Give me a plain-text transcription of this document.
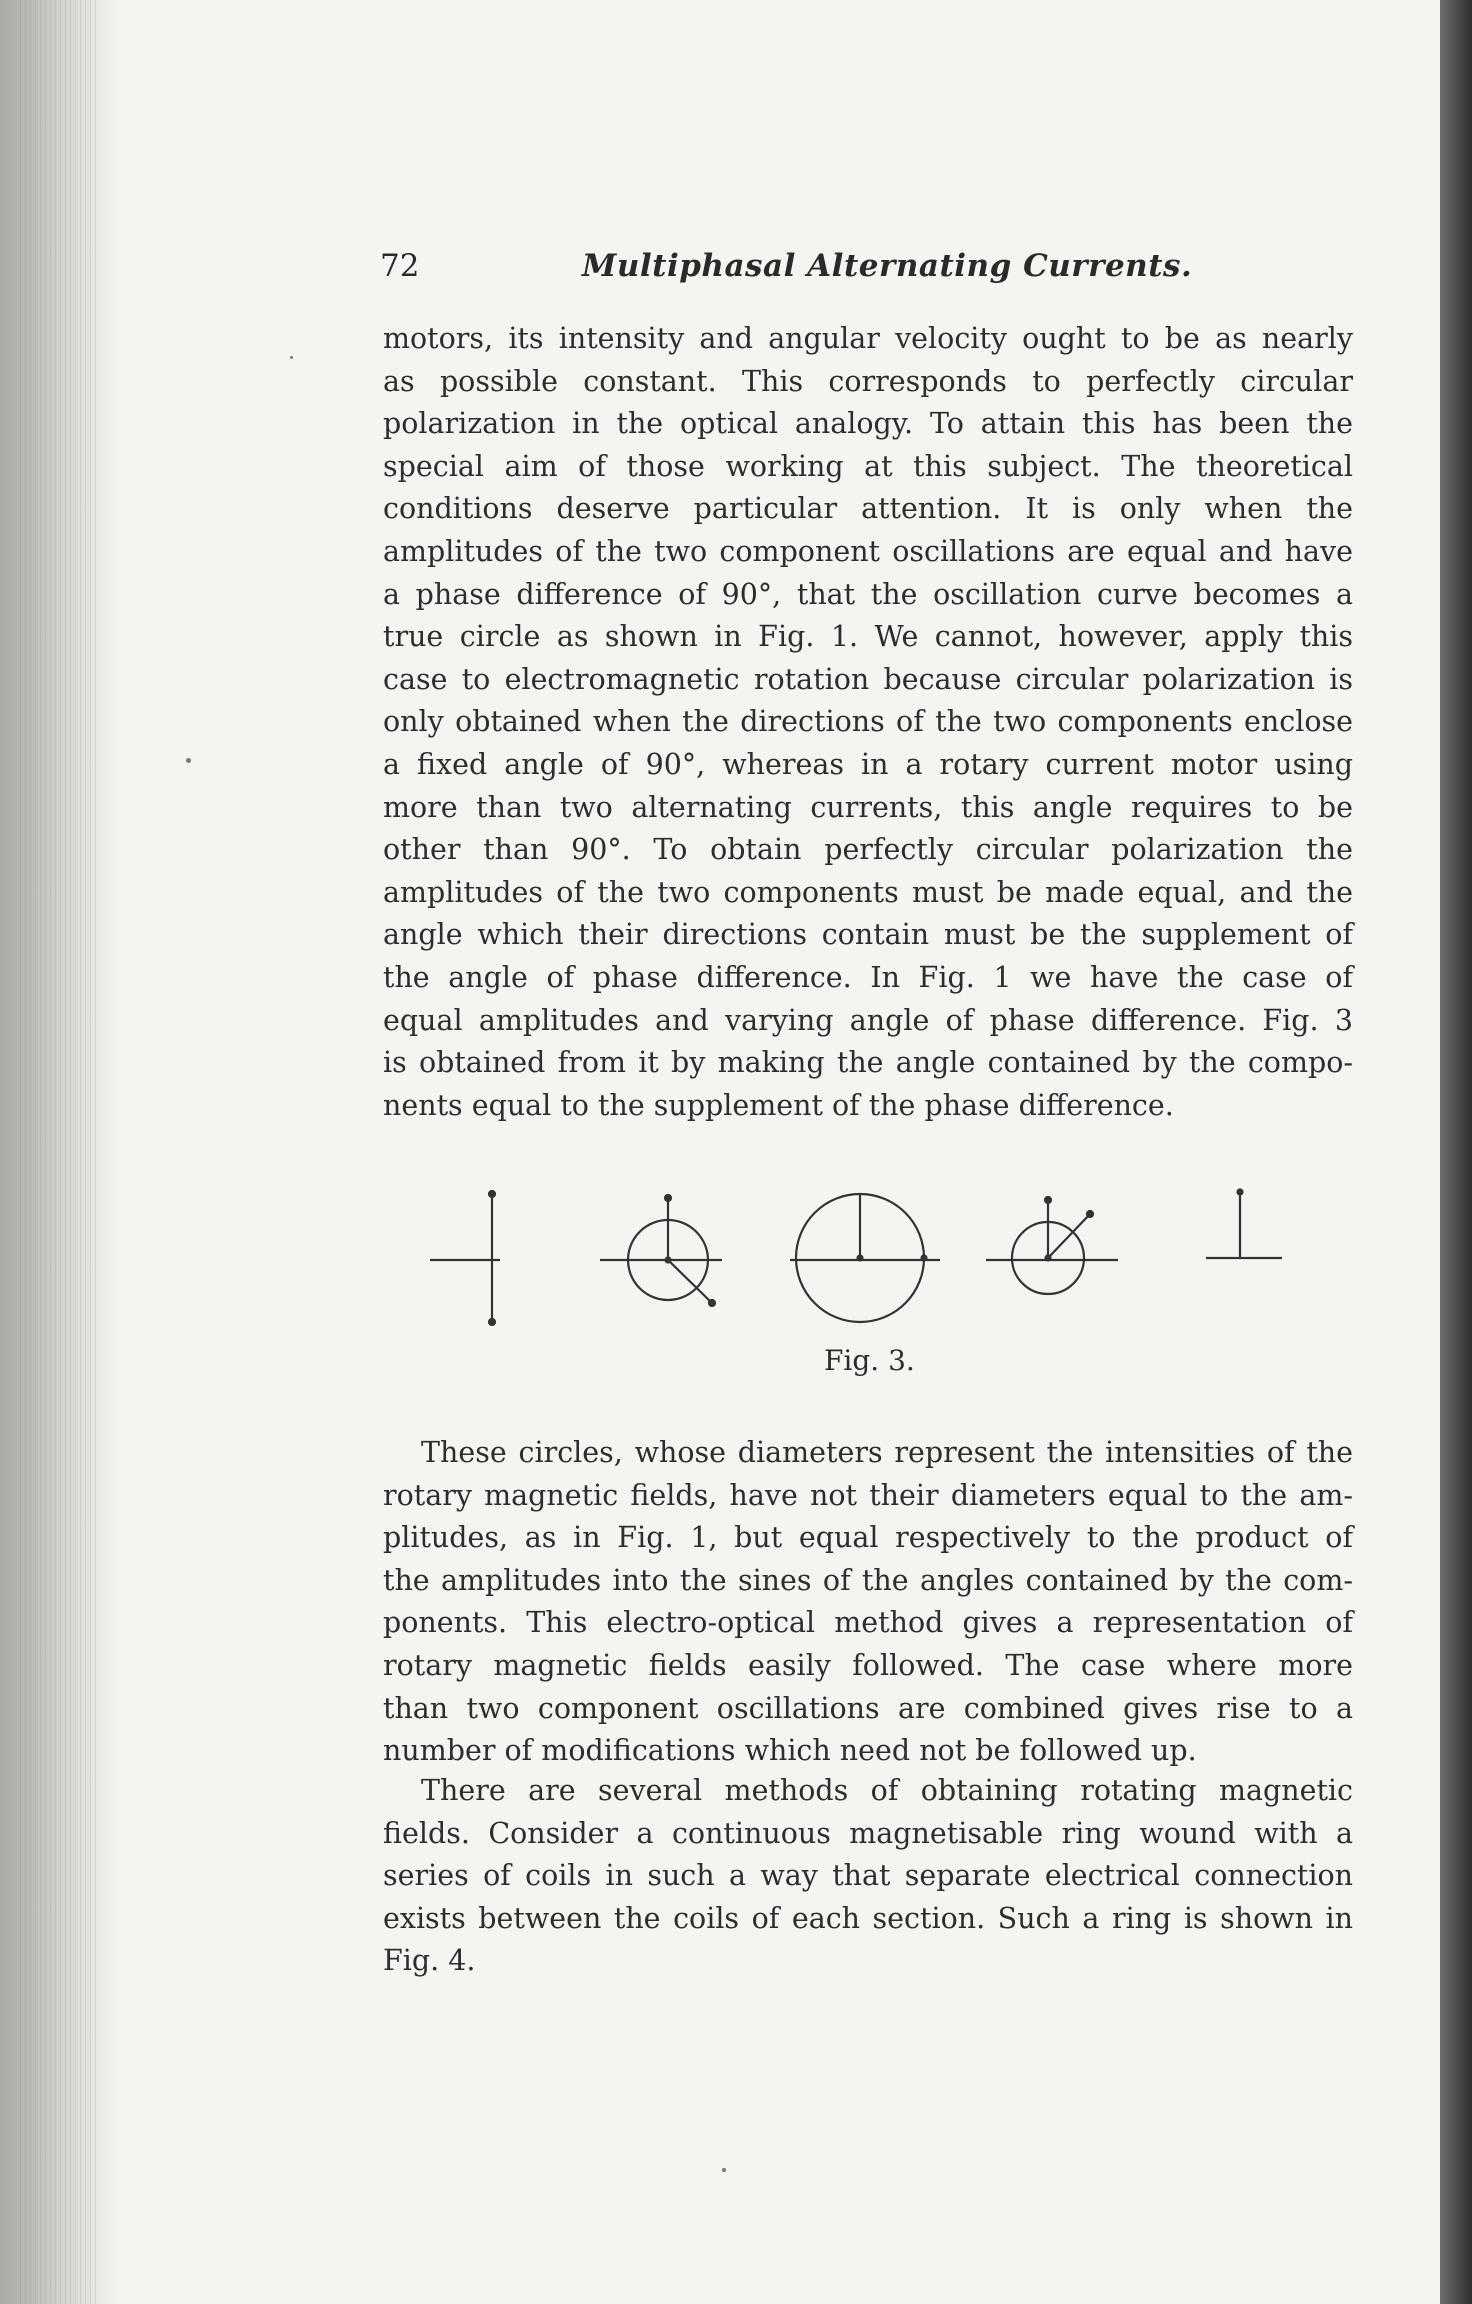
72	Multiphasal Alternating Currents.
motors, its intensity and angular velocity ought to be as nearly
as possible constant. This corresponds to perfectly circular
polarization in the optical analogy. To attain this has been the
special aim of those working at this subject. The theoretical
conditions deserve particular attention. It is only when the
amplitudes of the two component oscillations are equal and have
a phase difference of 90°, that the oscillation curve becomes a
true circle as shown in Fig. 1. We cannot, however, apply this
case to electromagnetic rotation because circular polarization is
only obtained when the directions of the two components enclose
a fixed angle of 90°, whereas in a rotary current motor using
more than two alternating currents, this angle requires to be
other than 90°. To obtain perfectly circular polarization the
amplitudes of the two components must be made equal, and the
angle which their directions contain must be the supplement of
the angle of phase difference. In Fig. 1 we have the case of
equal amplitudes and varying angle of phase difference. Fig. 3
is obtained from it by making the angle contained by the compo-
nents equal to the supplement of the phase difference.
Fig. 3.
These circles, whose diameters represent the intensities of the
rotary magnetic fields, have not their diameters equal to the am-
plitudes, as in Fig. 1, but equal respectively to the product of
the amplitudes into the sines of the angles contained by the com-
ponents. This electro-optical method gives a representation of
rotary magnetic fields easily followed. The case where more
than two component oscillations are combined gives rise to a
number of modifications which need not be followed up.
There are several methods of obtaining rotating magnetic
fields. Consider a continuous magnetisable ring wound with a
series of coils in such a way that separate electrical connection
exists between the coils of each section. Such a ring is shown in
Fig. 4.
